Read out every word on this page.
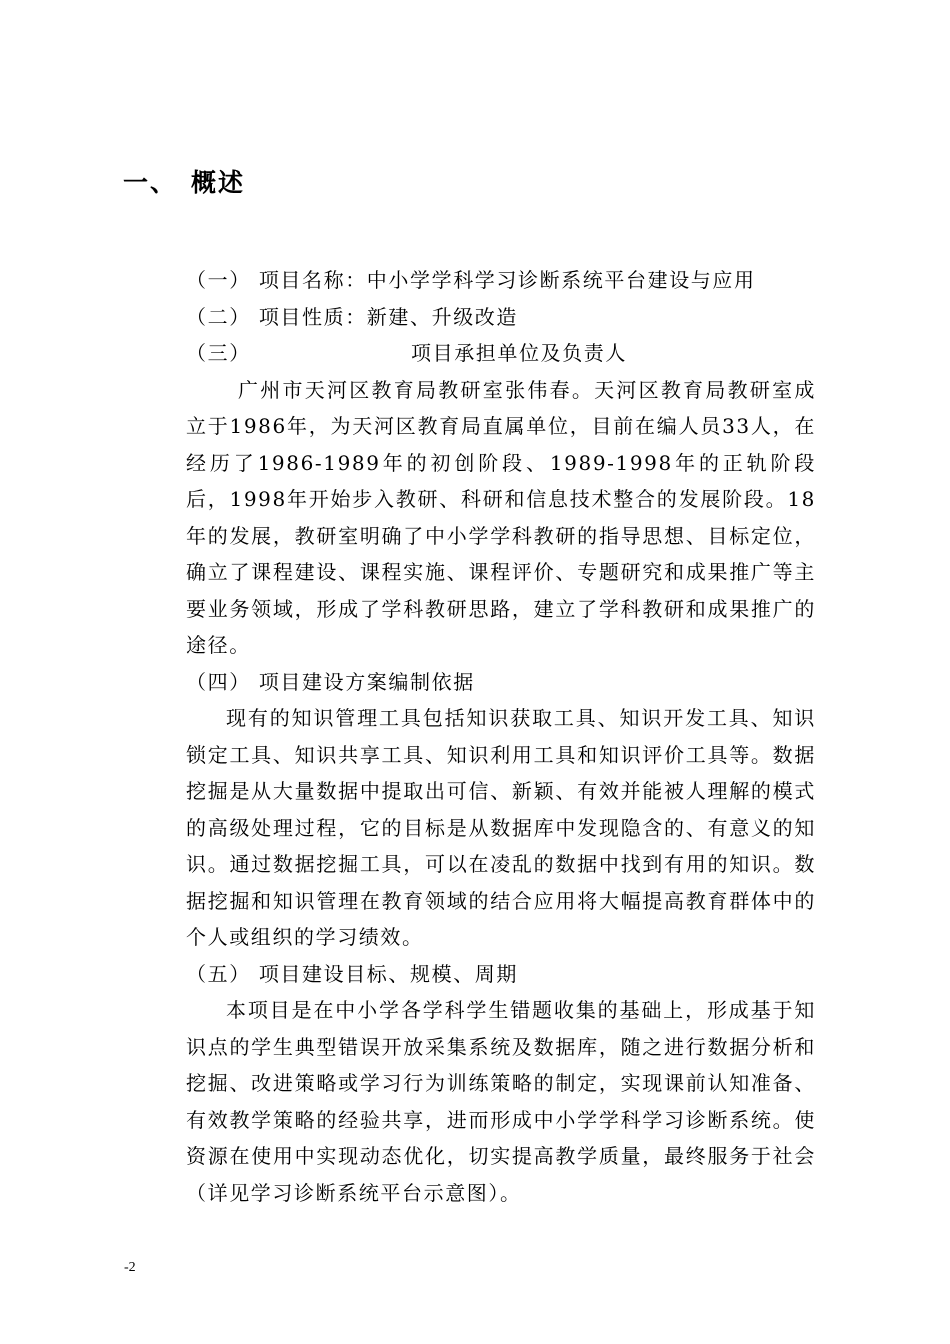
一、 概述
（一） 项目名称：中小学学科学习诊断系统平台建设与应用
（二） 项目性质：新建、升级改造
（三）	项目承担单位及负责人

广州市天河区教育局教研室张伟春。天河区教育局教研室成立于1986年，为天河区教育局直属单位，目前在编人员33人，在经历了1986-1989年的初创阶段、1989-1998年的正轨阶段后，1998年开始步入教研、科研和信息技术整合的发展阶段。18年的发展，教研室明确了中小学学科教研的指导思想、目标定位，确立了课程建设、课程实施、课程评价、专题研究和成果推广等主要业务领域，形成了学科教研思路，建立了学科教研和成果推广的途径。

（四） 项目建设方案编制依据

现有的知识管理工具包括知识获取工具、知识开发工具、知识锁定工具、知识共享工具、知识利用工具和知识评价工具等。数据挖掘是从大量数据中提取出可信、新颖、有效并能被人理解的模式的高级处理过程，它的目标是从数据库中发现隐含的、有意义的知识。通过数据挖掘工具，可以在凌乱的数据中找到有用的知识。数据挖掘和知识管理在教育领域的结合应用将大幅提高教育群体中的个人或组织的学习绩效。

（五） 项目建设目标、规模、周期

本项目是在中小学各学科学生错题收集的基础上，形成基于知识点的学生典型错误开放采集系统及数据库，随之进行数据分析和挖掘、改进策略或学习行为训练策略的制定，实现课前认知准备、有效教学策略的经验共享，进而形成中小学学科学习诊断系统。使资源在使用中实现动态优化，切实提高教学质量，最终服务于社会（详见学习诊断系统平台示意图）。

-2
